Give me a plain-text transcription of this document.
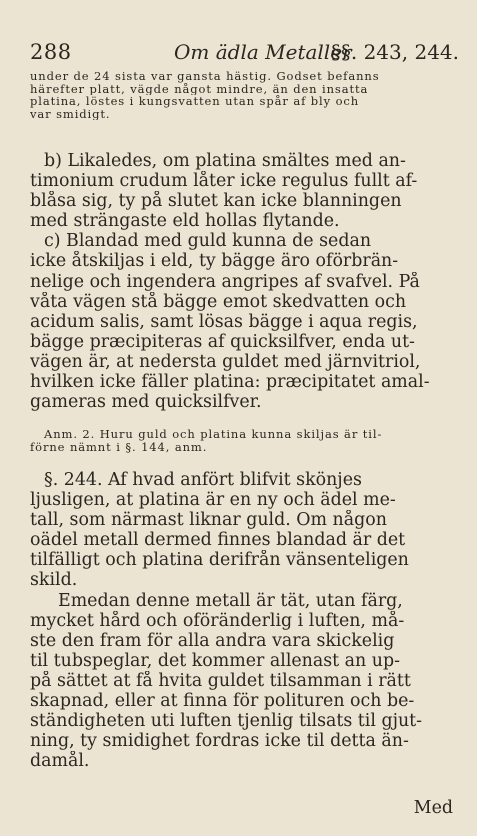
288	Om ädla Metaller
§§. 243, 244.
under de 24 sista var gansta hästig. Godset befanns
härefter platt, vägde något mindre, än den insatta
platina, löstes i kungsvatten utan spår af bly och
var smidigt.
b) Likaledes, om platina smältes med an-
timonium crudum låter icke regulus fullt af-
blåsa sig, ty på slutet kan icke blanningen
med strängaste eld hollas flytande.
c) Blandad med guld kunna de sedan
icke åtskiljas i eld, ty bägge äro oförbrän-
nelige och ingendera angripes af svafvel. På
våta vägen stå bägge emot skedvatten och
acidum salis, samt lösas bägge i aqua regis,
bägge præcipiteras af quicksilfver, enda ut-
vägen är, at nedersta guldet med järnvitriol,
hvilken icke fäller platina: præcipitatet amal-
gameras med quicksilfver.
Anm. 2. Huru guld och platina kunna skiljas är til-
förne nämnt i §. 144, anm.
§. 244. Af hvad anfört blifvit skönjes
ljusligen, at platina är en ny och ädel me-
tall, som närmast liknar guld. Om någon
oädel metall dermed finnes blandad är det
tilfälligt och platina derifrån vänsenteligen
skild.
Emedan denne metall är tät, utan färg,
mycket hård och oföränderlig i luften, må-
ste den fram för alla andra vara skickelig
til tubspeglar, det kommer allenast an up-
på sättet at få hvita guldet tilsamman i rätt
skapnad, eller at finna för polituren och be-
ständigheten uti luften tjenlig tilsats til gjut-
ning, ty smidighet fordras icke til detta än-
damål.
Med
